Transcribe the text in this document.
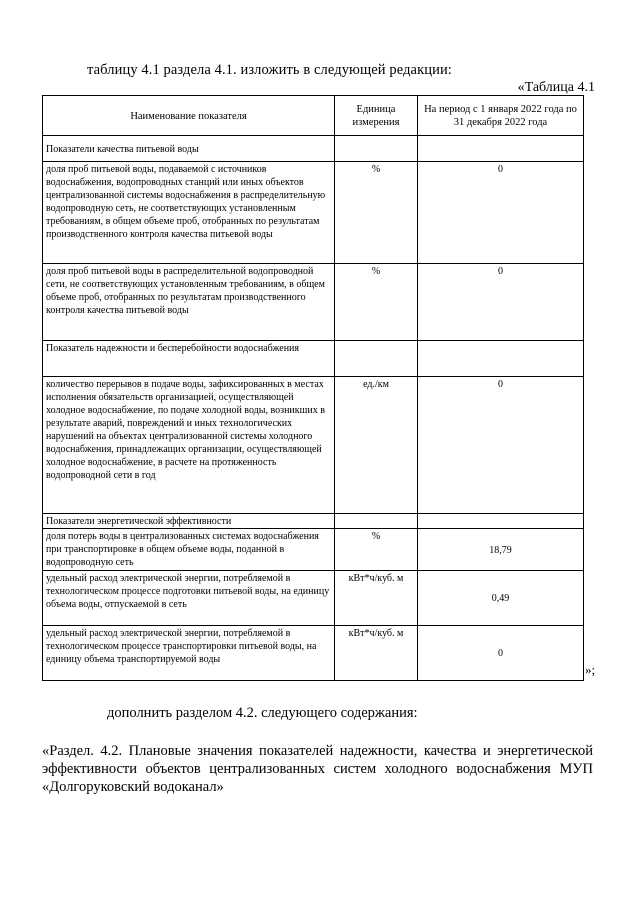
таблицу 4.1 раздела 4.1. изложить в следующей редакции:
«Таблица 4.1
Наименование показателя	Единица измерения	На период с 1 января 2022 года по 31 декабря 2022 года
Показатели качества питьевой воды		
доля проб питьевой воды, подаваемой с источников водоснабжения, водопроводных станций или иных объектов централизованной системы водоснабжения в распределительную водопроводную сеть, не соответствующих установленным требованиям, в общем объеме проб, отобранных по результатам производственного контроля качества питьевой воды	%	0
доля проб питьевой воды в распределительной водопроводной сети, не соответствующих установленным требованиям, в общем объеме проб, отобранных по результатам производственного контроля качества питьевой воды	%	0
Показатель надежности и бесперебойности водоснабжения		
количество перерывов в подаче воды, зафиксированных в местах исполнения обязательств организацией, осуществляющей холодное водоснабжение, по подаче холодной воды, возникших в результате аварий, повреждений и иных технологических нарушений на объектах централизованной системы холодного водоснабжения, принадлежащих организации, осуществляющей холодное водоснабжение, в расчете на протяженность водопроводной сети в год	ед./км	0
Показатели энергетической эффективности		
доля потерь воды в централизованных системах водоснабжения при транспортировке в общем объеме воды, поданной в водопроводную сеть	%	18,79
удельный расход электрической энергии, потребляемой в технологическом процессе подготовки питьевой воды, на единицу объема воды, отпускаемой в сеть	кВт*ч/куб. м	0,49
удельный расход электрической энергии, потребляемой в технологическом процессе транспортировки питьевой воды, на единицу объема транспортируемой воды	кВт*ч/куб. м	0
»;
дополнить разделом 4.2. следующего содержания:
«Раздел. 4.2. Плановые значения показателей надежности, качества и энергетической эффективности объектов централизованных систем холодного водоснабжения МУП «Долгоруковский водоканал»
